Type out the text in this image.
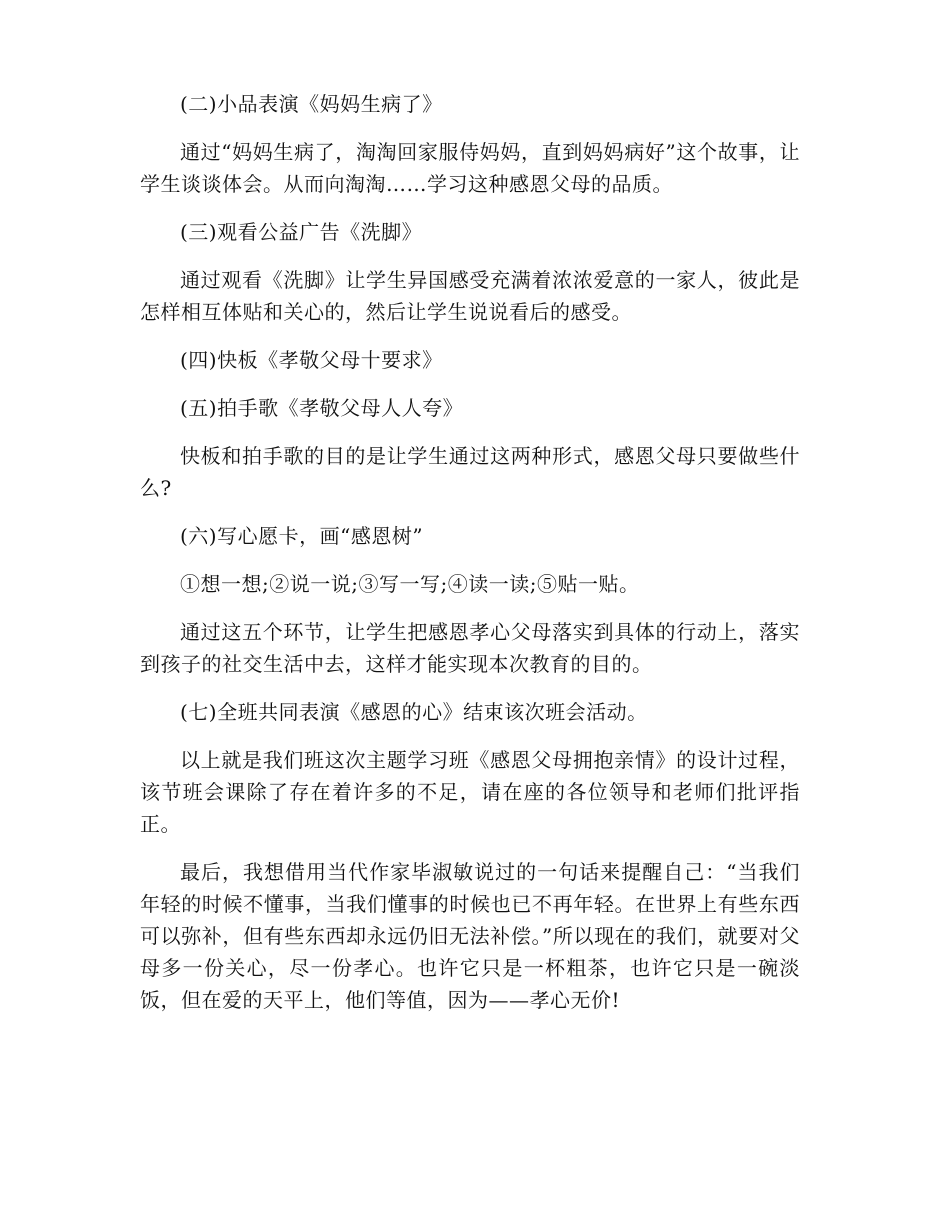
(二)小品表演《妈妈生病了》

通过“妈妈生病了，淘淘回家服侍妈妈，直到妈妈病好”这个故事，让学生谈谈体会。从而向淘淘……学习这种感恩父母的品质。

(三)观看公益广告《洗脚》

通过观看《洗脚》让学生异国感受充满着浓浓爱意的一家人，彼此是怎样相互体贴和关心的，然后让学生说说看后的感受。

(四)快板《孝敬父母十要求》

(五)拍手歌《孝敬父母人人夸》

快板和拍手歌的目的是让学生通过这两种形式，感恩父母只要做些什么?

(六)写心愿卡，画“感恩树”

①想一想;②说一说;③写一写;④读一读;⑤贴一贴。

通过这五个环节，让学生把感恩孝心父母落实到具体的行动上，落实到孩子的社交生活中去，这样才能实现本次教育的目的。

(七)全班共同表演《感恩的心》结束该次班会活动。

以上就是我们班这次主题学习班《感恩父母拥抱亲情》的设计过程，该节班会课除了存在着许多的不足，请在座的各位领导和老师们批评指正。

最后，我想借用当代作家毕淑敏说过的一句话来提醒自己：“当我们年轻的时候不懂事，当我们懂事的时候也已不再年轻。在世界上有些东西可以弥补，但有些东西却永远仍旧无法补偿。”所以现在的我们，就要对父母多一份关心，尽一份孝心。也许它只是一杯粗茶，也许它只是一碗淡饭，但在爱的天平上，他们等值，因为——孝心无价!
